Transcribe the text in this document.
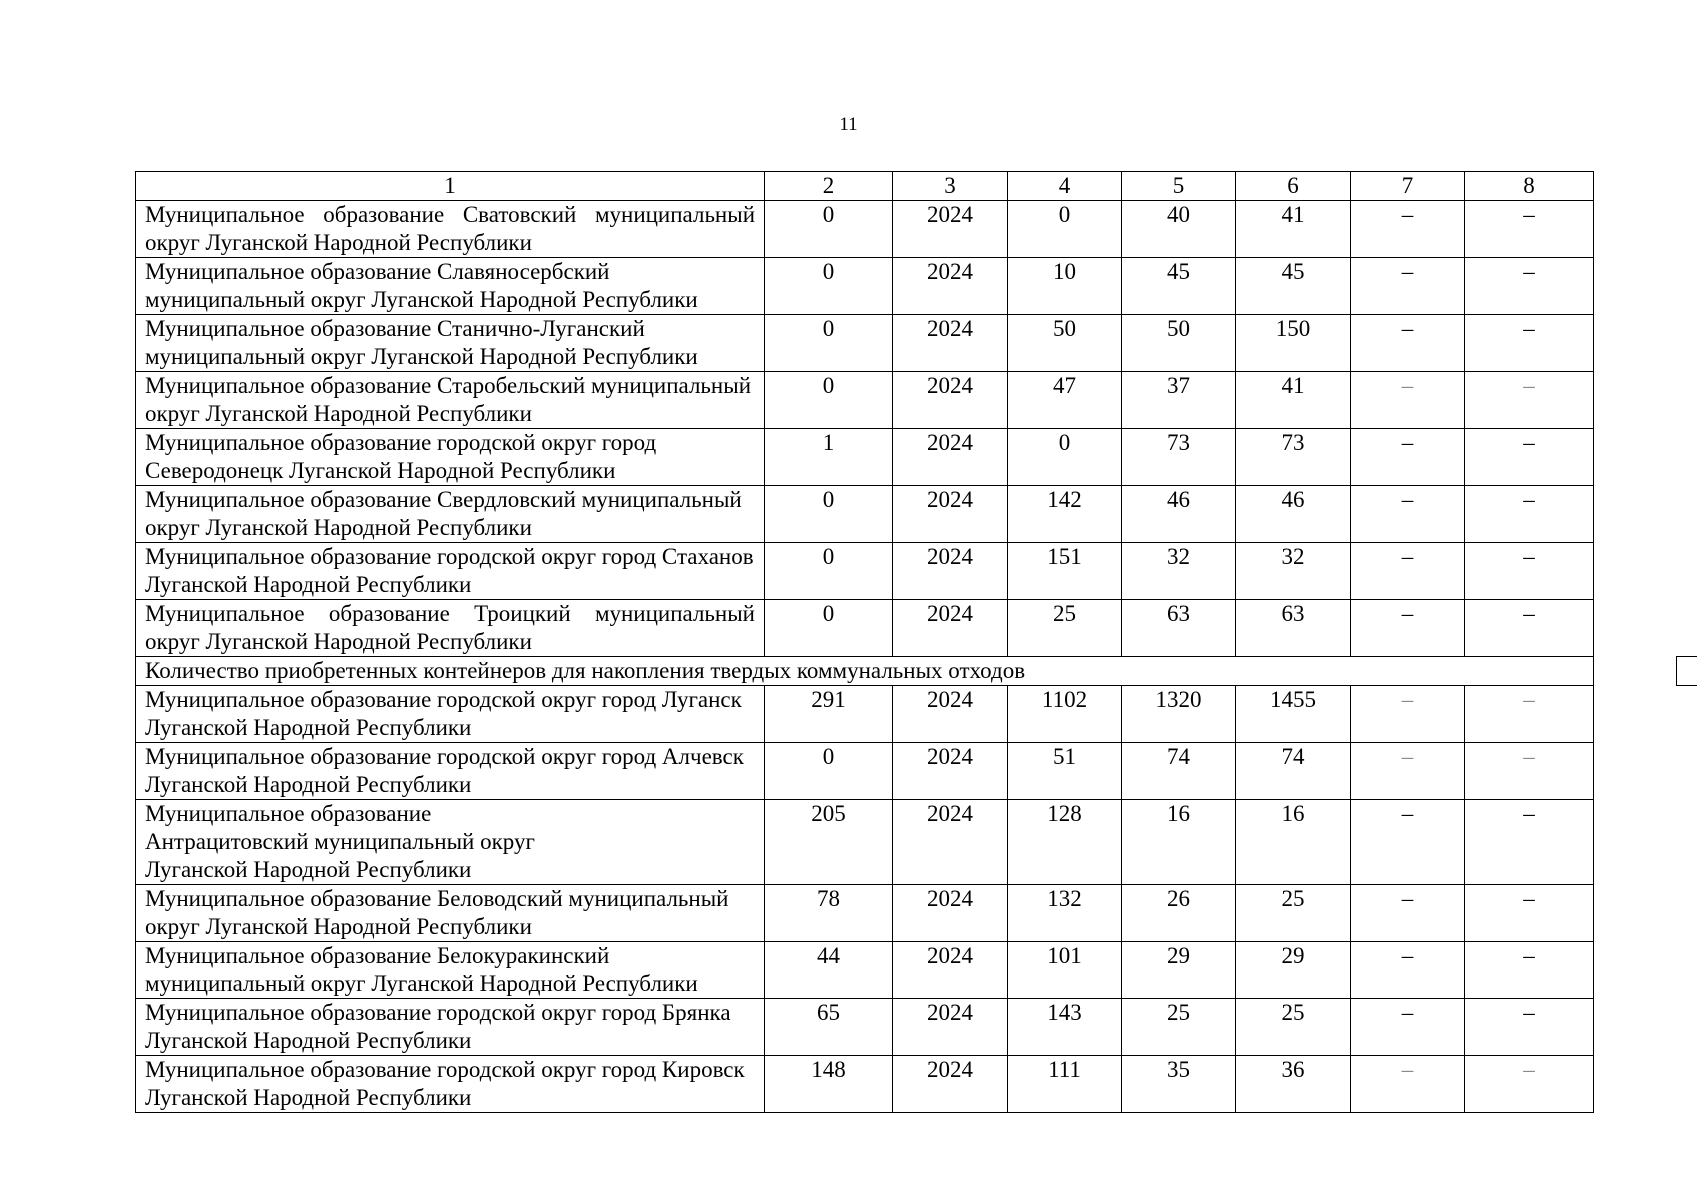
11
1	2	3	4	5	6	7	8
Муниципальное образование Сватовский муниципальный округ Луганской Народной Республики	0	2024	0	40	41	–	–
Муниципальное образование Славяносербский муниципальный округ Луганской Народной Республики	0	2024	10	45	45	–	–
Муниципальное образование Станично-Луганский муниципальный округ Луганской Народной Республики	0	2024	50	50	150	–	–
Муниципальное образование Старобельский муниципальный округ Луганской Народной Республики	0	2024	47	37	41	–	–
Муниципальное образование городской округ город Северодонецк Луганской Народной Республики	1	2024	0	73	73	–	–
Муниципальное образование Свердловский муниципальный округ Луганской Народной Республики	0	2024	142	46	46	–	–
Муниципальное образование городской округ город Стаханов Луганской Народной Республики	0	2024	151	32	32	–	–
Муниципальное образование Троицкий муниципальный округ Луганской Народной Республики	0	2024	25	63	63	–	–
Количество приобретенных контейнеров для накопления твердых коммунальных отходов							
Муниципальное образование городской округ город Луганск Луганской Народной Республики	291	2024	1102	1320	1455	–	–
Муниципальное образование городской округ город Алчевск Луганской Народной Республики	0	2024	51	74	74	–	–
Муниципальное образование
Антрацитовский муниципальный округ
Луганской Народной Республики	205	2024	128	16	16	–	–
Муниципальное образование Беловодский муниципальный округ Луганской Народной Республики	78	2024	132	26	25	–	–
Муниципальное образование Белокуракинский муниципальный округ Луганской Народной Республики	44	2024	101	29	29	–	–
Муниципальное образование городской округ город Брянка Луганской Народной Республики	65	2024	143	25	25	–	–
Муниципальное образование городской округ город Кировск Луганской Народной Республики	148	2024	111	35	36	–	–
